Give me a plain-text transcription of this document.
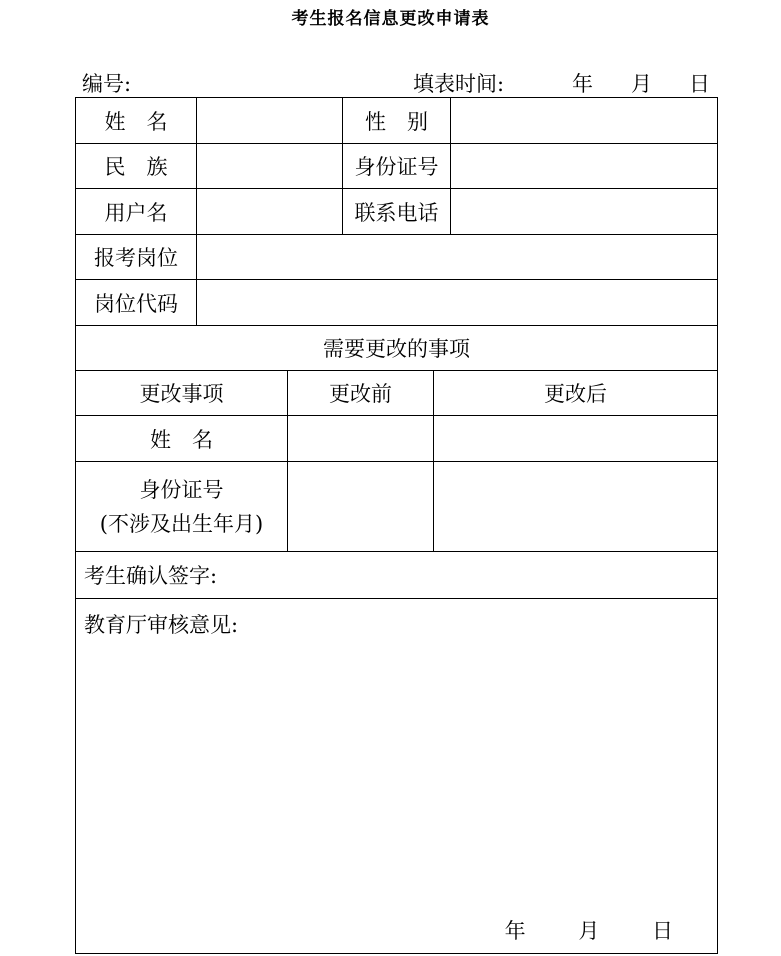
考生报名信息更改申请表
编号:	填表时间:	年 月 日
姓　名			性　别		
民　族			身份证号		
用户名			联系电话		
报考岗位					
岗位代码					
需要更改的事项					
更改事项		更改前		更改后	
姓　名					

身份证号
(不涉及出生年月)					

考生确认签字:					
教育厅审核意见:
年 月 日					
